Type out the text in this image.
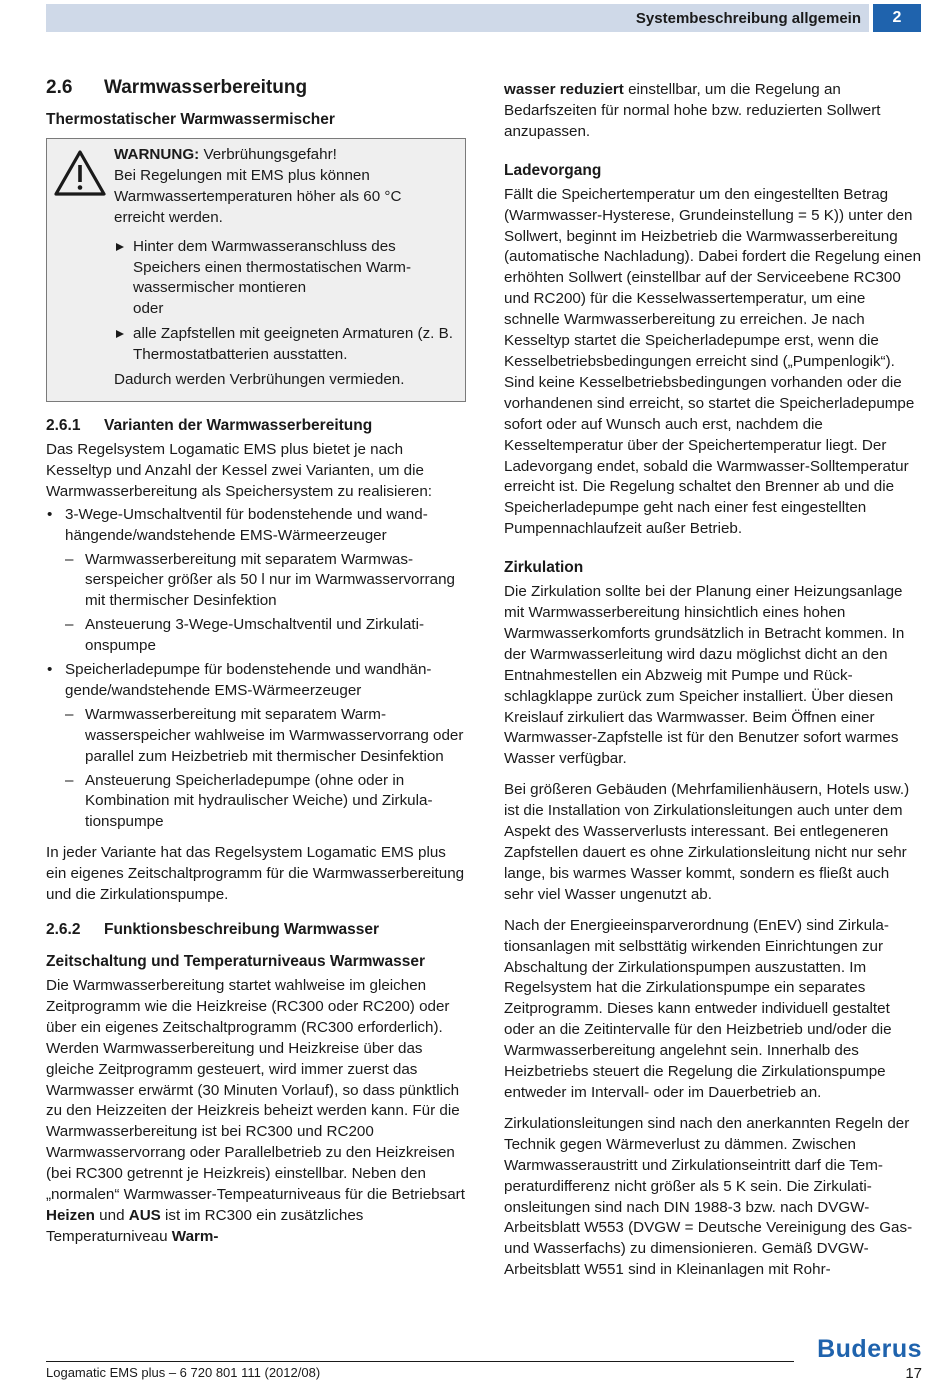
Systembeschreibung allgemein	2
2.6	Warmwasserbereitung

Thermostatischer Warmwassermischer

WARNUNG: Verbrühungsgefahr!

Bei Regelungen mit EMS plus können Warmwassertemperaturen höher als 60 °C erreicht werden.

Hinter dem Warmwasseranschluss des Speichers einen thermostatischen Warmwassermischer montieren

oder

alle Zapfstellen mit geeigneten Armaturen (z. B. Thermostatbatterien ausstatten.

Dadurch werden Verbrühungen vermieden.

2.6.1	Varianten der Warmwasserbereitung

Das Regelsystem Logamatic EMS plus bietet je nach Kesseltyp und Anzahl der Kessel zwei Varianten, um die Warmwasserbereitung als Speichersystem zu realisieren:

• 3-Wege-Umschaltventil für bodenstehende und wandhängende/wandstehende EMS-Wärmeerzeuger
– Warmwasserbereitung mit separatem Warmwasserspeicher größer als 50 l nur im Warmwasservorrang mit thermischer Desinfektion
– Ansteuerung 3-Wege-Umschaltventil und Zirkulationspumpe
• Speicherladepumpe für bodenstehende und wandhängende/wandstehende EMS-Wärmeerzeuger
– Warmwasserbereitung mit separatem Warmwasserspeicher wahlweise im Warmwasservorrang oder parallel zum Heizbetrieb mit thermischer Desinfektion
– Ansteuerung Speicherladepumpe (ohne oder in Kombination mit hydraulischer Weiche) und Zirkulationspumpe

In jeder Variante hat das Regelsystem Logamatic EMS plus ein eigenes Zeitschaltprogramm für die Warmwasserbereitung und die Zirkulationspumpe.

2.6.2	Funktionsbeschreibung Warmwasser

Zeitschaltung und Temperaturniveaus Warmwasser

Die Warmwasserbereitung startet wahlweise im gleichen Zeitprogramm wie die Heizkreise (RC300 oder RC200) oder über ein eigenes Zeitschaltprogramm (RC300 erforderlich). Werden Warmwasserbereitung und Heizkreise über das gleiche Zeitprogramm gesteuert, wird immer zuerst das Warmwasser erwärmt (30 Minuten Vorlauf), so dass pünktlich zu den Heizzeiten der Heizkreis beheizt werden kann. Für die Warmwasserbereitung ist bei RC300 und RC200 Warmwasservorrang oder Parallelbetrieb zu den Heizkreisen (bei RC300 getrennt je Heizkreis) einstellbar. Neben den „normalen“ Warmwasser-Tempeaturniveaus für die Betriebsart Heizen und AUS ist im RC300 ein zusätzliches Temperaturniveau Warm-

wasser reduziert einstellbar, um die Regelung an Bedarfszeiten für normal hohe bzw. reduzierten Sollwert anzupassen.

Ladevorgang

Fällt die Speichertemperatur um den eingestellten Betrag (Warmwasser-Hysterese, Grundeinstellung = 5 K)) unter den Sollwert, beginnt im Heizbetrieb die Warmwasserbereitung (automatische Nachladung). Dabei fordert die Regelung einen erhöhten Sollwert (einstellbar auf der Serviceebene RC300 und RC200) für die Kesselwassertemperatur, um eine schnelle Warmwasserbereitung zu erreichen. Je nach Kesseltyp startet die Speicherladepumpe erst, wenn die Kesselbetriebsbedingungen erreicht sind („Pumpenlogik“). Sind keine Kesselbetriebsbedingungen vorhanden oder die vorhandenen sind erreicht, so startet die Speicherladepumpe sofort oder auf Wunsch auch erst, nachdem die Kesseltemperatur über der Speichertemperatur liegt. Der Ladevorgang endet, sobald die Warmwasser-Solltemperatur erreicht ist. Die Regelung schaltet den Brenner ab und die Speicherladepumpe geht nach einer fest eingestellten Pumpennachlaufzeit außer Betrieb.

Zirkulation

Die Zirkulation sollte bei der Planung einer Heizungsanlage mit Warmwasserbereitung hinsichtlich eines hohen Warmwasserkomforts grundsätzlich in Betracht kommen. In der Warmwasserleitung wird dazu möglichst dicht an den Entnahmestellen ein Abzweig mit Pumpe und Rückschlagklappe zurück zum Speicher installiert. Über diesen Kreislauf zirkuliert das Warmwasser. Beim Öffnen einer Warmwasser-Zapfstelle ist für den Benutzer sofort warmes Wasser verfügbar.

Bei größeren Gebäuden (Mehrfamilienhäusern, Hotels usw.) ist die Installation von Zirkulationsleitungen auch unter dem Aspekt des Wasserverlusts interessant. Bei entlegeneren Zapfstellen dauert es ohne Zirkulationsleitung nicht nur sehr lange, bis warmes Wasser kommt, sondern es fließt auch sehr viel Wasser ungenutzt ab.

Nach der Energieeinsparverordnung (EnEV) sind Zirkulationsanlagen mit selbsttätig wirkenden Einrichtungen zur Abschaltung der Zirkulationspumpen auszustatten. Im Regelsystem hat die Zirkulationspumpe ein separates Zeitprogramm. Dieses kann entweder individuell gestaltet oder an die Zeitintervalle für den Heizbetrieb und/oder die Warmwasserbereitung angelehnt sein. Innerhalb des Heizbetriebs steuert die Regelung die Zirkulationspumpe entweder im Intervall- oder im Dauerbetrieb an.

Zirkulationsleitungen sind nach den anerkannten Regeln der Technik gegen Wärmeverlust zu dämmen. Zwischen Warmwasseraustritt und Zirkulationseintritt darf die Temperaturdifferenz nicht größer als 5 K sein. Die Zirkulationsleitungen sind nach DIN 1988-3 bzw. nach DVGW-Arbeitsblatt W553 (DVGW = Deutsche Vereinigung des Gas- und Wasserfachs) zu dimensionieren. Gemäß DVGW-Arbeitsblatt W551 sind in Kleinanlagen mit Rohr-

Buderus
Logamatic EMS plus – 6 720 801 111 (2012/08)	17
